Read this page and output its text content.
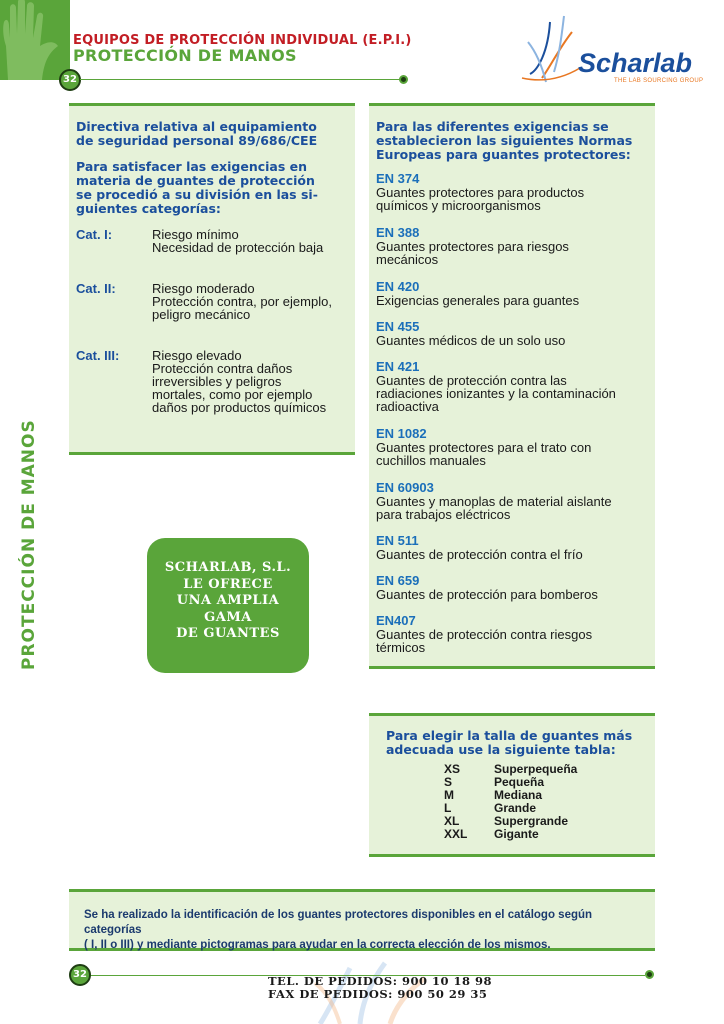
32
EQUIPOS DE PROTECCIÓN INDIVIDUAL (E.P.I.)
PROTECCIÓN DE MANOS	Scharlab
THE LAB SOURCING GROUP
PROTECCIÓN DE MANOS
Directiva relativa al equipamiento
de seguridad personal 89/686/CEE
Para satisfacer las exigencias en
materia de guantes de protección
se procedió a su división en las si-
guientes categorías:
Cat. I:	Riesgo mínimo
Necesidad de protección baja
Cat. II:	Riesgo moderado
Protección contra, por ejemplo,
peligro mecánico
Cat. III:	Riesgo elevado
Protección contra daños
irreversibles y peligros
mortales, como por ejemplo
daños por productos químicos
SCHARLAB, S.L.
LE OFRECE
UNA AMPLIA
GAMA
DE GUANTES
Para las diferentes exigencias se
establecieron las siguientes Normas
Europeas para guantes protectores:
EN 374
Guantes protectores para productos
químicos y microorganismos
EN 388
Guantes protectores para riesgos
mecánicos
EN 420
Exigencias generales para guantes
EN 455
Guantes médicos de un solo uso
EN 421
Guantes de protección contra las
radiaciones ionizantes y la contaminación
radioactiva
EN 1082
Guantes protectores para el trato con
cuchillos manuales
EN 60903
Guantes y manoplas de material aislante
para trabajos eléctricos
EN 511
Guantes de protección contra el frío
EN 659
Guantes de protección para bomberos
EN407
Guantes de protección contra riesgos
térmicos
Para elegir la talla de guantes más
adecuada use la siguiente tabla:
XS	Superpequeña
S	Pequeña
M	Mediana
L	Grande
XL	Supergrande
XXL Gigante
Se ha realizado la identificación de los guantes protectores disponibles en el catálogo según categorías
( I, II o III) y mediante pictogramas para ayudar en la correcta elección de los mismos.
32	TEL. DE PEDIDOS: 900 10 18 98
FAX DE PEDIDOS: 900 50 29 35
